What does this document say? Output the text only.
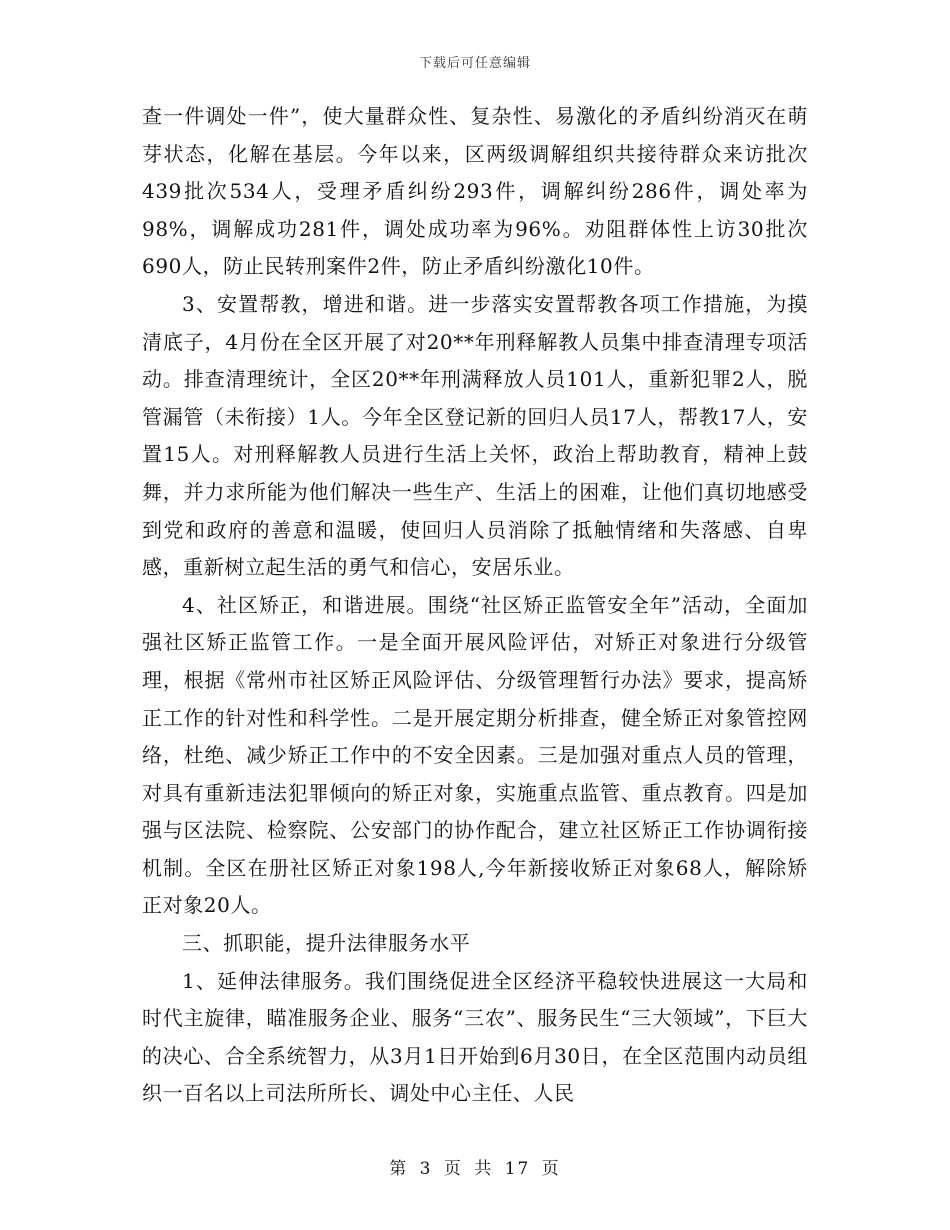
下载后可任意编辑

查一件调处一件”，使大量群众性、复杂性、易激化的矛盾纠纷消灭在萌芽状态，化解在基层。今年以来，区两级调解组织共接待群众来访批次439批次534人，受理矛盾纠纷293件，调解纠纷286件，调处率为98%，调解成功281件，调处成功率为96%。劝阻群体性上访30批次690人，防止民转刑案件2件，防止矛盾纠纷激化10件。

3、安置帮教，增进和谐。进一步落实安置帮教各项工作措施，为摸清底子，4月份在全区开展了对20**年刑释解教人员集中排查清理专项活动。排查清理统计，全区20**年刑满释放人员101人，重新犯罪2人，脱管漏管（未衔接）1人。今年全区登记新的回归人员17人，帮教17人，安置15人。对刑释解教人员进行生活上关怀，政治上帮助教育，精神上鼓舞，并力求所能为他们解决一些生产、生活上的困难，让他们真切地感受到党和政府的善意和温暖，使回归人员消除了抵触情绪和失落感、自卑感，重新树立起生活的勇气和信心，安居乐业。

4、社区矫正，和谐进展。围绕“社区矫正监管安全年”活动，全面加强社区矫正监管工作。一是全面开展风险评估，对矫正对象进行分级管理，根据《常州市社区矫正风险评估、分级管理暂行办法》要求，提高矫正工作的针对性和科学性。二是开展定期分析排查，健全矫正对象管控网络，杜绝、减少矫正工作中的不安全因素。三是加强对重点人员的管理，对具有重新违法犯罪倾向的矫正对象，实施重点监管、重点教育。四是加强与区法院、检察院、公安部门的协作配合，建立社区矫正工作协调衔接机制。全区在册社区矫正对象198人,今年新接收矫正对象68人，解除矫正对象20人。

三、抓职能，提升法律服务水平

1、延伸法律服务。我们围绕促进全区经济平稳较快进展这一大局和时代主旋律，瞄准服务企业、服务“三农”、服务民生“三大领域”，下巨大的决心、合全系统智力，从3月1日开始到6月30日，在全区范围内动员组织一百名以上司法所所长、调处中心主任、人民

第 3 页 共 17 页
